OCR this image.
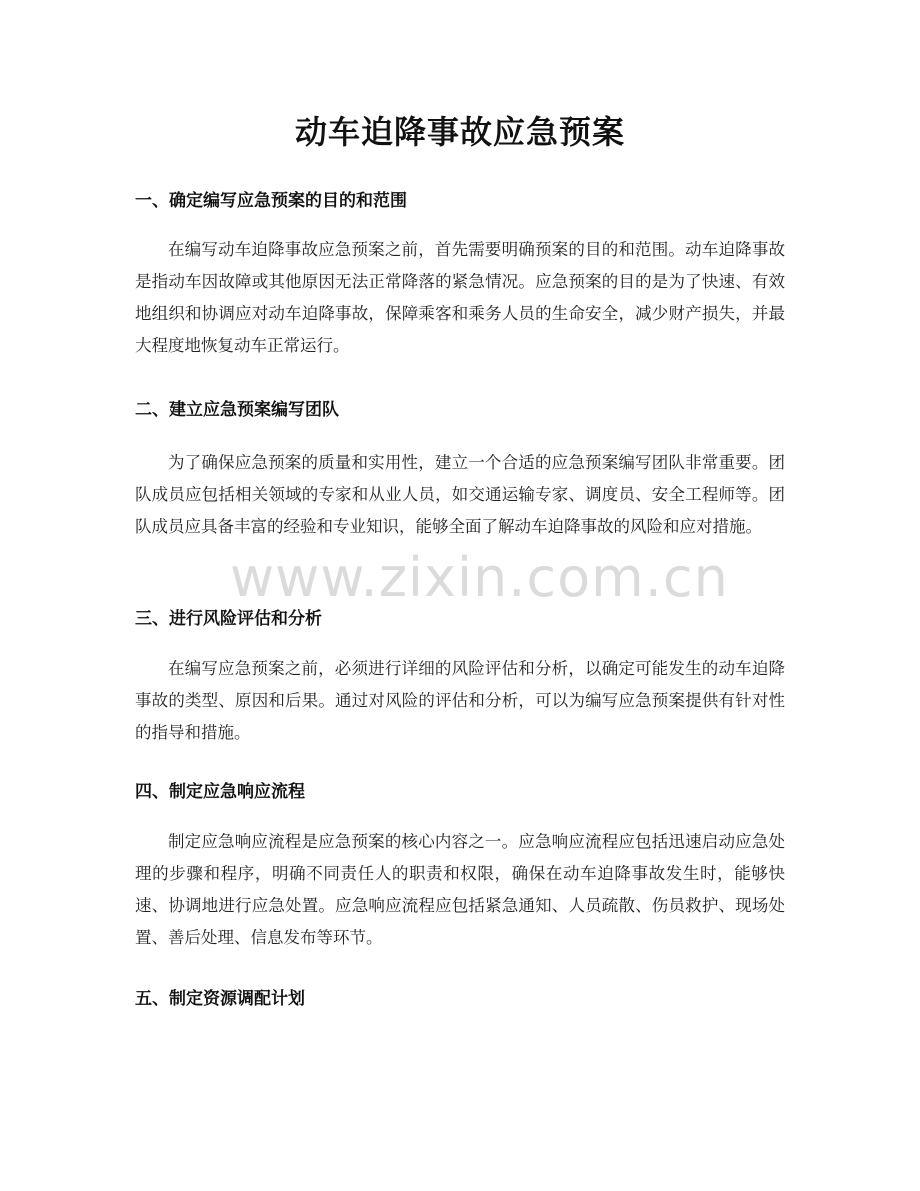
动车迫降事故应急预案
一、确定编写应急预案的目的和范围
在编写动车迫降事故应急预案之前，首先需要明确预案的目的和范围。动车迫降事故是指动车因故障或其他原因无法正常降落的紧急情况。应急预案的目的是为了快速、有效地组织和协调应对动车迫降事故，保障乘客和乘务人员的生命安全，减少财产损失，并最大程度地恢复动车正常运行。
二、建立应急预案编写团队
为了确保应急预案的质量和实用性，建立一个合适的应急预案编写团队非常重要。团队成员应包括相关领域的专家和从业人员，如交通运输专家、调度员、安全工程师等。团队成员应具备丰富的经验和专业知识，能够全面了解动车迫降事故的风险和应对措施。
三、进行风险评估和分析
在编写应急预案之前，必须进行详细的风险评估和分析，以确定可能发生的动车迫降事故的类型、原因和后果。通过对风险的评估和分析，可以为编写应急预案提供有针对性的指导和措施。
四、制定应急响应流程
制定应急响应流程是应急预案的核心内容之一。应急响应流程应包括迅速启动应急处理的步骤和程序，明确不同责任人的职责和权限，确保在动车迫降事故发生时，能够快速、协调地进行应急处置。应急响应流程应包括紧急通知、人员疏散、伤员救护、现场处置、善后处理、信息发布等环节。
五、制定资源调配计划
www.zixin.com.cn
